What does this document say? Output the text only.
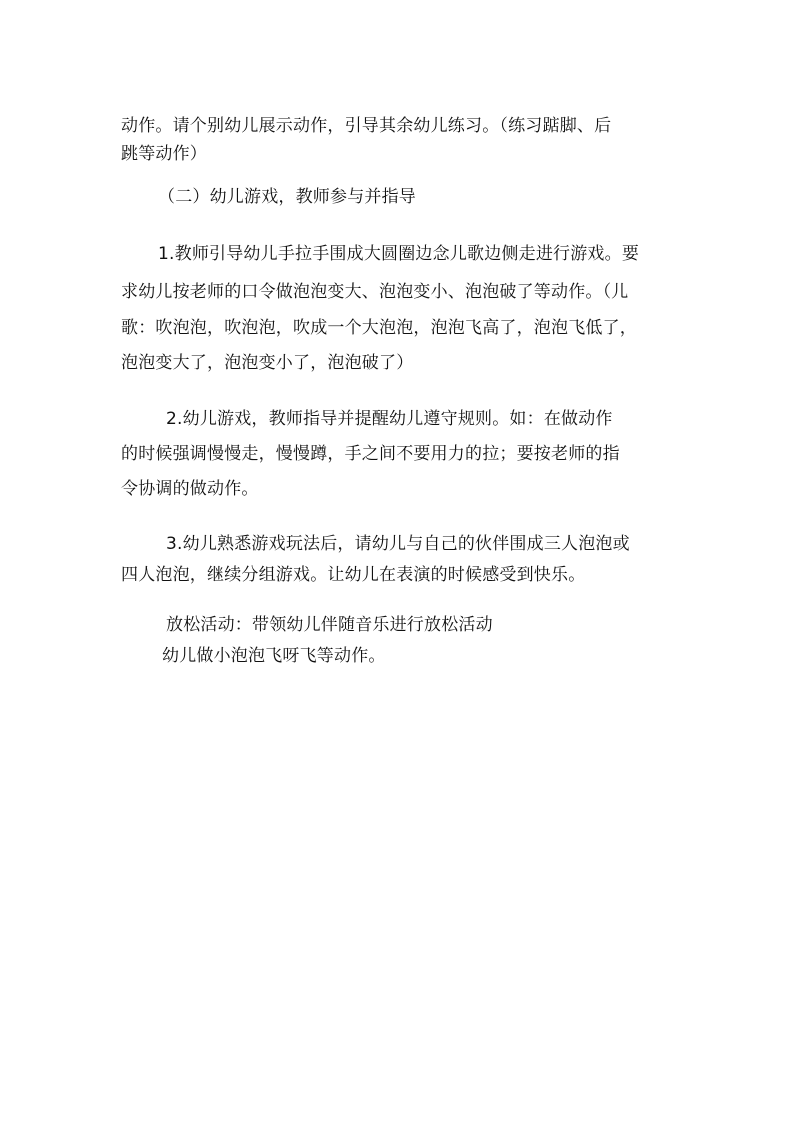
动作。请个别幼儿展示动作，引导其余幼儿练习。（练习踮脚、后
跳等动作）
（二）幼儿游戏，教师参与并指导
1.教师引导幼儿手拉手围成大圆圈边念儿歌边侧走进行游戏。要
求幼儿按老师的口令做泡泡变大、泡泡变小、泡泡破了等动作。（儿
歌：吹泡泡，吹泡泡，吹成一个大泡泡，泡泡飞高了，泡泡飞低了，
泡泡变大了，泡泡变小了，泡泡破了）
2.幼儿游戏，教师指导并提醒幼儿遵守规则。如：在做动作
的时候强调慢慢走，慢慢蹲，手之间不要用力的拉；要按老师的指
令协调的做动作。
3.幼儿熟悉游戏玩法后，请幼儿与自己的伙伴围成三人泡泡或
四人泡泡，继续分组游戏。让幼儿在表演的时候感受到快乐。
放松活动：带领幼儿伴随音乐进行放松活动
幼儿做小泡泡飞呀飞等动作。
